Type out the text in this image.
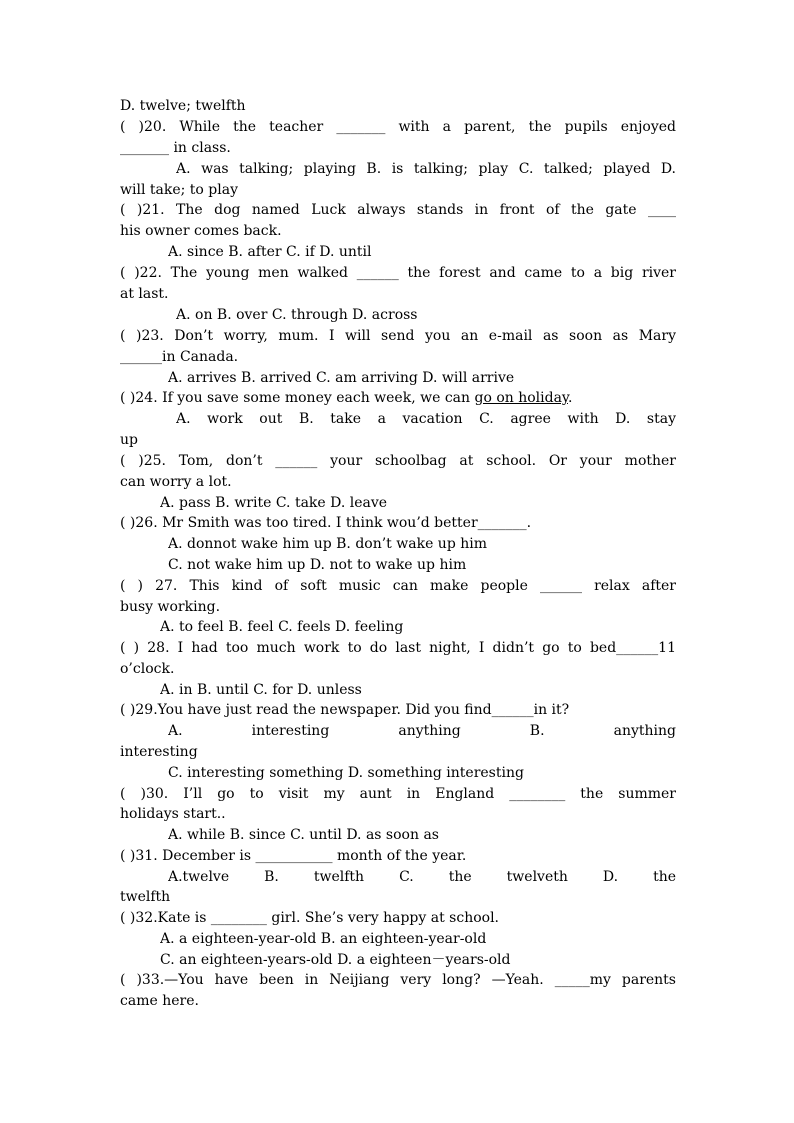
D. twelve; twelfth
( )20. While the teacher _______ with a parent, the pupils enjoyed
_______ in class.
A. was talking; playing B. is talking; play C. talked; played D.
will take; to play
( )21. The dog named Luck always stands in front of the gate ____
his owner comes back.
A. since B. after C. if D. until
( )22. The young men walked ______ the forest and came to a big river
at last.
A. on B. over C. through D. across
( )23. Don’t worry, mum. I will send you an e-mail as soon as Mary
______in Canada.
A. arrives B. arrived C. am arriving D. will arrive
( )24. If you save some money each week, we can go on holiday.
A. work out B. take a vacation C. agree with D. stay
up
( )25. Tom, don’t ______ your schoolbag at school. Or your mother
can worry a lot.
A. pass B. write C. take D. leave
( )26. Mr Smith was too tired. I think wou’d better_______.
A. donnot wake him up B. don’t wake up him
C. not wake him up D. not to wake up him
( ) 27. This kind of soft music can make people ______ relax after
busy working.
A. to feel B. feel C. feels D. feeling
( ) 28. I had too much work to do last night, I didn’t go to bed______11
o’clock.
A. in B. until C. for D. unless
( )29.You have just read the newspaper. Did you find______in it?
A. interesting anything B. anything
interesting
C. interesting something D. something interesting
( )30. I’ll go to visit my aunt in England ________ the summer
holidays start..
A. while B. since C. until D. as soon as
( )31. December is ___________ month of the year.
A.twelve B. twelfth C. the twelveth D. the
twelfth
( )32.Kate is ________ girl. She’s very happy at school.
A. a eighteen-year-old B. an eighteen-year-old
C. an eighteen-years-old D. a eighteen－years-old
( )33.—You have been in Neijiang very long? —Yeah. _____my parents
came here.
